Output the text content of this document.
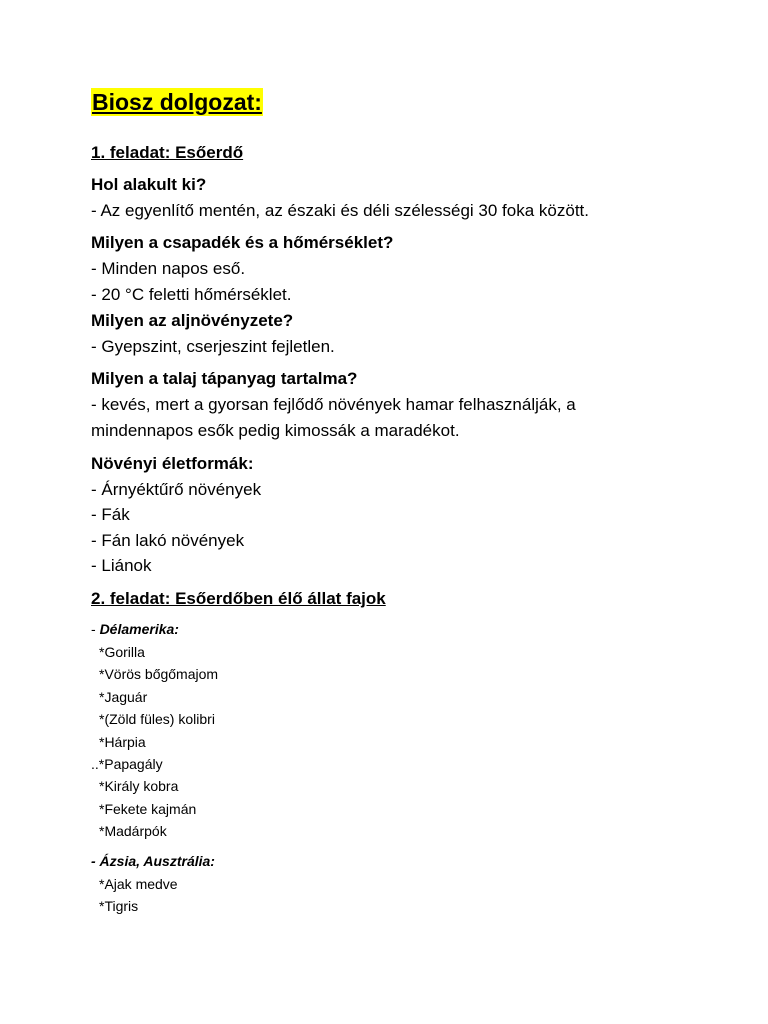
Biosz dolgozat:
1. feladat: Esőerdő
Hol alakult ki?
- Az egyenlítő mentén, az északi és déli szélességi 30 foka között.
Milyen a csapadék és a hőmérséklet?
- Minden napos eső.
- 20 °C feletti hőmérséklet.
Milyen az aljnövényzete?
- Gyepszint, cserjeszint fejletlen.
Milyen a talaj tápanyag tartalma?
- kevés, mert a gyorsan fejlődő növények hamar felhasználják, a
mindennapos esők pedig kimossák a maradékot.
Növényi életformák:
- Árnyéktűrő növények
- Fák
- Fán lakó növények
- Liánok
2. feladat: Esőerdőben élő állat fajok
- Délamerika:
*Gorilla
*Vörös bőgőmajom
*Jaguár
*(Zöld füles) kolibri
*Hárpia
..*Papagály
*Király kobra
*Fekete kajmán
*Madárpók
- Ázsia, Ausztrália:
*Ajak medve
*Tigris
